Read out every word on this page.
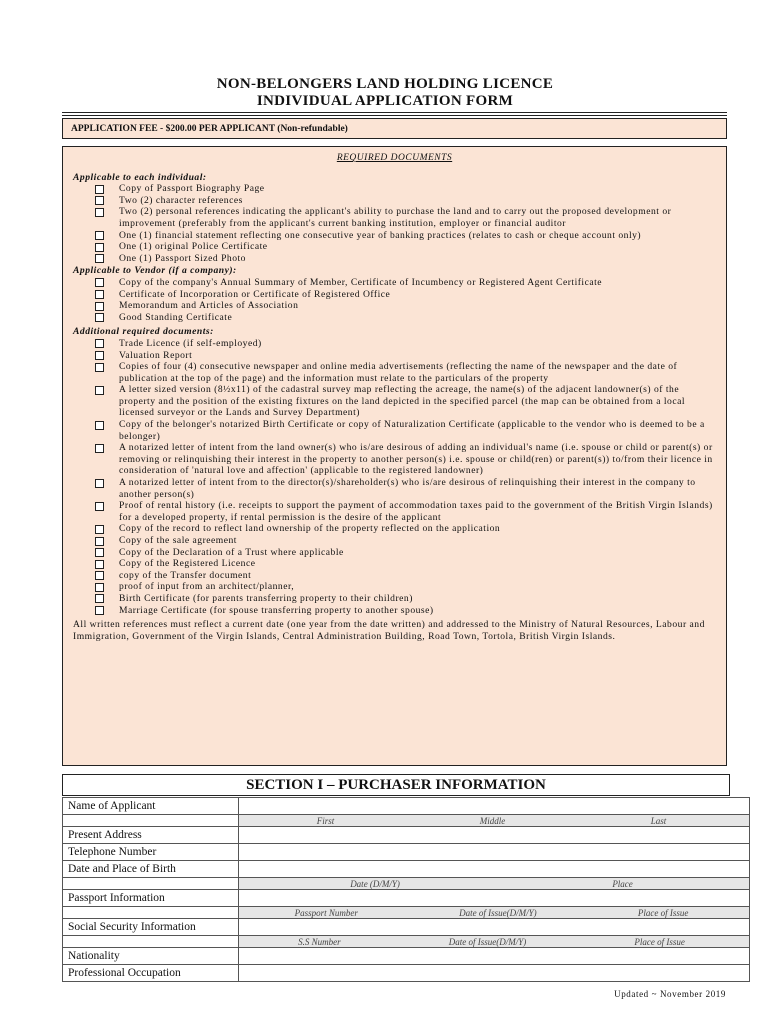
NON-BELONGERS LAND HOLDING LICENCE
INDIVIDUAL APPLICATION FORM
APPLICATION FEE - $200.00 PER APPLICANT (Non-refundable)
REQUIRED DOCUMENTS
Applicable to each individual:
Copy of Passport Biography Page
Two (2) character references
Two (2) personal references indicating the applicant's ability to purchase the land and to carry out the proposed development or improvement (preferably from the applicant's current banking institution, employer or financial auditor
One (1) financial statement reflecting one consecutive year of banking practices (relates to cash or cheque account only)
One (1) original Police Certificate
One (1) Passport Sized Photo
Applicable to Vendor (if a company):
Copy of the company's Annual Summary of Member, Certificate of Incumbency or Registered Agent Certificate
Certificate of Incorporation or Certificate of Registered Office
Memorandum and Articles of Association
Good Standing Certificate
Additional required documents:
Trade Licence (if self-employed)
Valuation Report
Copies of four (4) consecutive newspaper and online media advertisements (reflecting the name of the newspaper and the date of publication at the top of the page) and the information must relate to the particulars of the property
A letter sized version (8½x11) of the cadastral survey map reflecting the acreage, the name(s) of the adjacent landowner(s) of the property and the position of the existing fixtures on the land depicted in the specified parcel (the map can be obtained from a local licensed surveyor or the Lands and Survey Department)
Copy of the belonger's notarized Birth Certificate or copy of Naturalization Certificate (applicable to the vendor who is deemed to be a belonger)
A notarized letter of intent from the land owner(s) who is/are desirous of adding an individual's name (i.e. spouse or child or parent(s) or removing or relinquishing their interest in the property to another person(s) i.e. spouse or child(ren) or parent(s)) to/from their licence in consideration of 'natural love and affection' (applicable to the registered landowner)
A notarized letter of intent from to the director(s)/shareholder(s) who is/are desirous of relinquishing their interest in the company to another person(s)
Proof of rental history (i.e. receipts to support the payment of accommodation taxes paid to the government of the British Virgin Islands) for a developed property, if rental permission is the desire of the applicant
Copy of the record to reflect land ownership of the property reflected on the application
Copy of the sale agreement
Copy of the Declaration of a Trust where applicable
Copy of the Registered Licence
copy of the Transfer document
proof of input from an architect/planner,
Birth Certificate (for parents transferring property to their children)
Marriage Certificate (for spouse transferring property to another spouse)
All written references must reflect a current date (one year from the date written) and addressed to the Ministry of Natural Resources, Labour and Immigration, Government of the Virgin Islands, Central Administration Building, Road Town, Tortola, British Virgin Islands.
SECTION I – PURCHASER INFORMATION
Name of Applicant	

	First Middle Last

Present Address	
Telephone Number	
Date and Place of Birth	

	Date (D/M/Y) Place

Passport Information	

	Passport Number Date of Issue(D/M/Y) Place of Issue

Social Security Information	

	S.S Number Date of Issue(D/M/Y) Place of Issue

Nationality	
Professional Occupation	
Updated ~ November 2019
